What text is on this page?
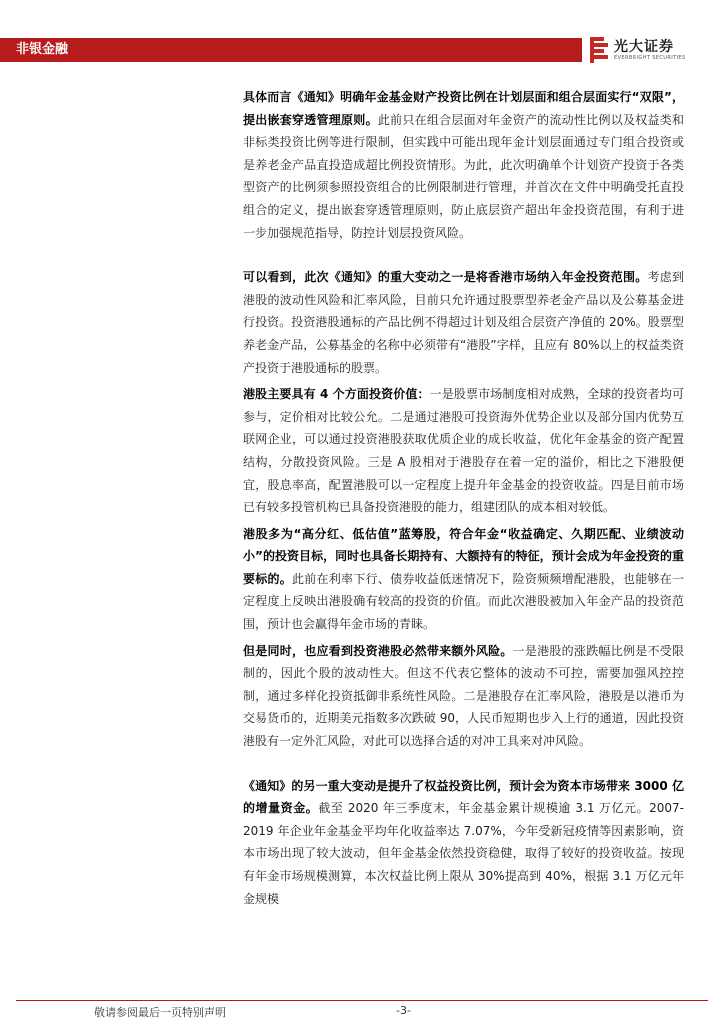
非银金融	光大证券
EVERBRIGHT SECURITIES

具体而言《通知》明确年金基金财产投资比例在计划层面和组合层面实行“双限”，提出嵌套穿透管理原则。此前只在组合层面对年金资产的流动性比例以及权益类和非标类投资比例等进行限制，但实践中可能出现年金计划层面通过专门组合投资或是养老金产品直投造成超比例投资情形。为此，此次明确单个计划资产投资于各类型资产的比例须参照投资组合的比例限制进行管理，并首次在文件中明确受托直投组合的定义，提出嵌套穿透管理原则，防止底层资产超出年金投资范围，有利于进一步加强规范指导，防控计划层投资风险。

可以看到，此次《通知》的重大变动之一是将香港市场纳入年金投资范围。考虑到港股的波动性风险和汇率风险，目前只允许通过股票型养老金产品以及公募基金进行投资。投资港股通标的产品比例不得超过计划及组合层资产净值的 20%。股票型养老金产品，公募基金的名称中必须带有“港股”字样，且应有 80%以上的权益类资产投资于港股通标的股票。

港股主要具有 4 个方面投资价值：一是股票市场制度相对成熟，全球的投资者均可参与，定价相对比较公允。二是通过港股可投资海外优势企业以及部分国内优势互联网企业，可以通过投资港股获取优质企业的成长收益，优化年金基金的资产配置结构，分散投资风险。三是 A 股相对于港股存在着一定的溢价，相比之下港股便宜，股息率高，配置港股可以一定程度上提升年金基金的投资收益。四是目前市场已有较多投管机构已具备投资港股的能力，组建团队的成本相对较低。

港股多为“高分红、低估值”蓝筹股，符合年金“收益确定、久期匹配、业绩波动小”的投资目标，同时也具备长期持有、大额持有的特征，预计会成为年金投资的重要标的。此前在利率下行、债券收益低迷情况下，险资频频增配港股，也能够在一定程度上反映出港股确有较高的投资的价值。而此次港股被加入年金产品的投资范围，预计也会赢得年金市场的青睐。

但是同时，也应看到投资港股必然带来额外风险。一是港股的涨跌幅比例是不受限制的，因此个股的波动性大。但这不代表它整体的波动不可控，需要加强风控控制，通过多样化投资抵御非系统性风险。二是港股存在汇率风险，港股是以港币为交易货币的，近期美元指数多次跌破 90，人民币短期也步入上行的通道，因此投资港股有一定外汇风险，对此可以选择合适的对冲工具来对冲风险。

《通知》的另一重大变动是提升了权益投资比例，预计会为资本市场带来 3000 亿的增量资金。截至 2020 年三季度末，年金基金累计规模逾 3.1 万亿元。2007-2019 年企业年金基金平均年化收益率达 7.07%，今年受新冠疫情等因素影响，资本市场出现了较大波动，但年金基金依然投资稳健，取得了较好的投资收益。按现有年金市场规模测算，本次权益比例上限从 30%提高到 40%，根据 3.1 万亿元年金规模

敬请参阅最后一页特别声明	-3-
